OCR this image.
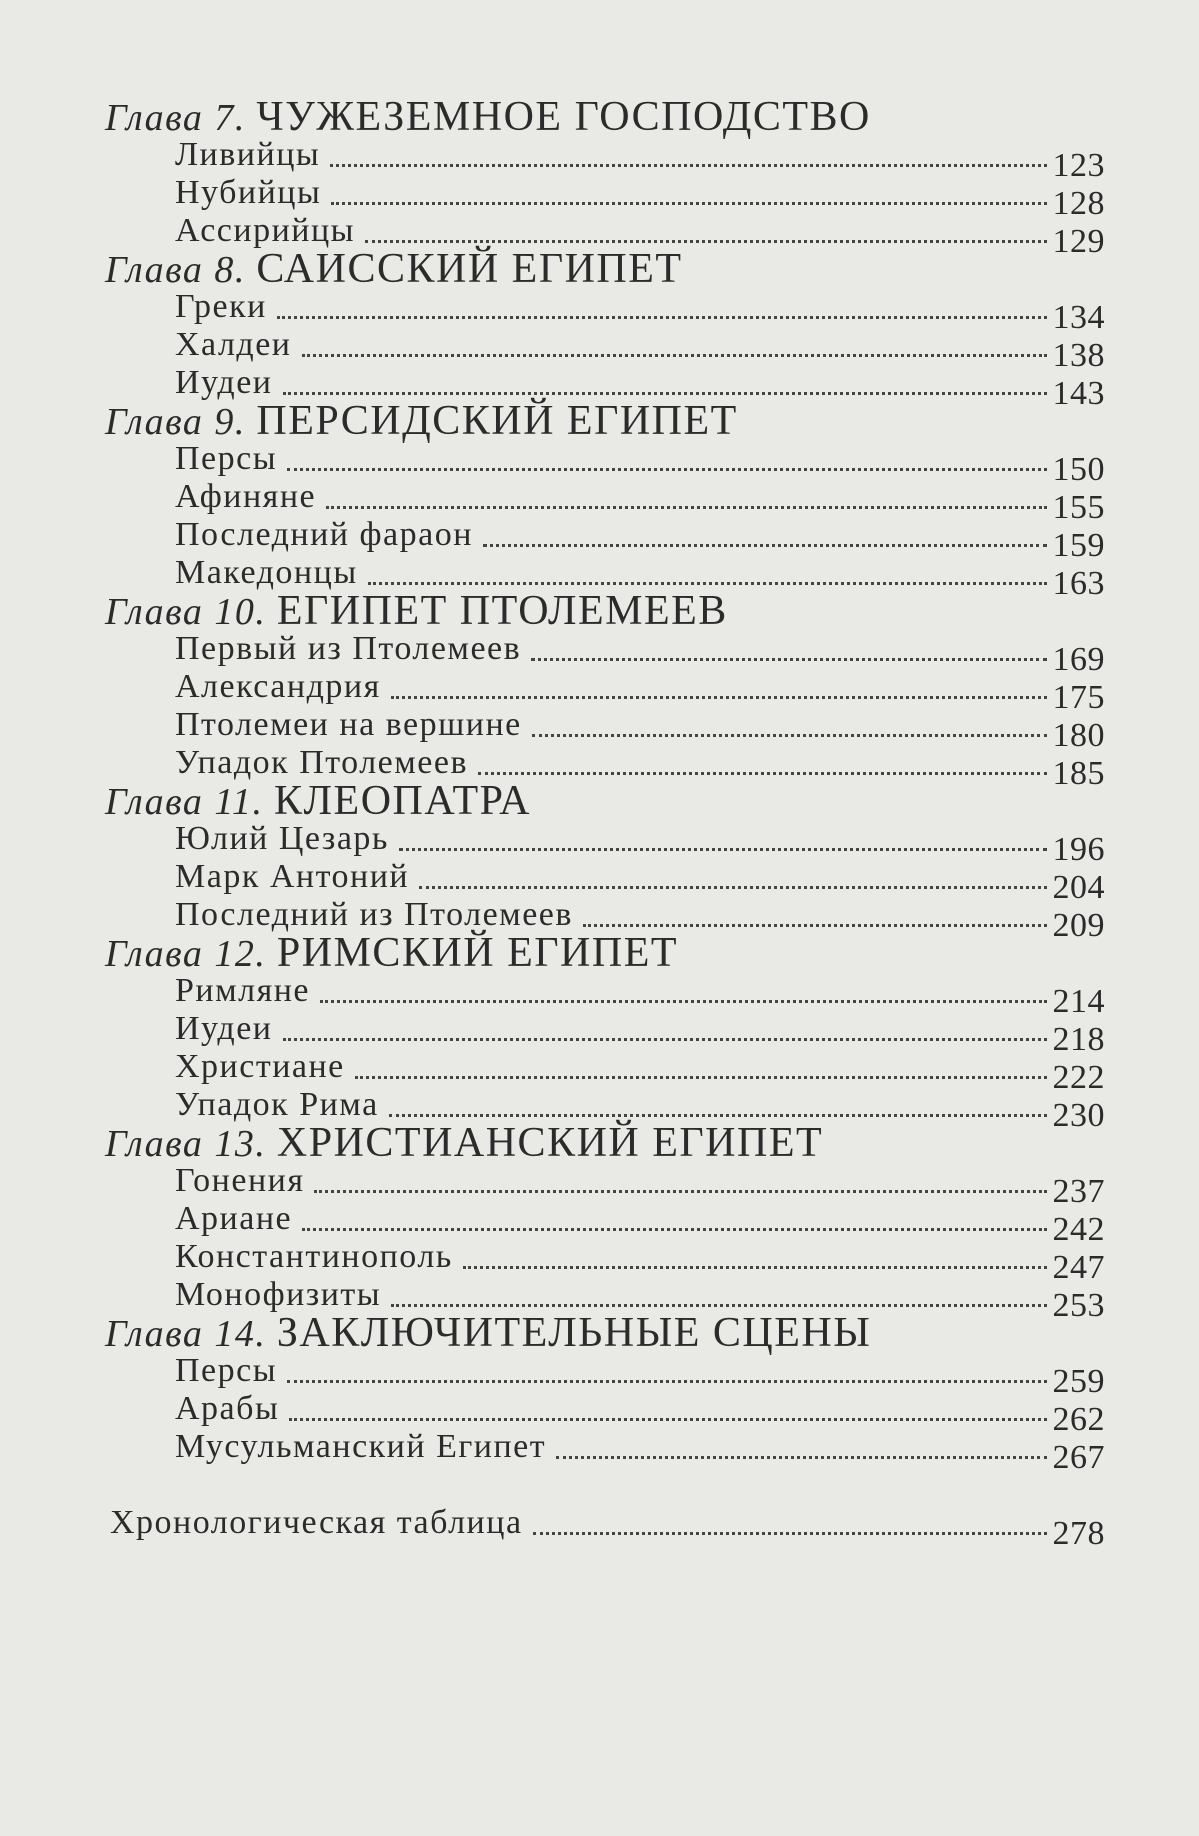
Глава 7. ЧУЖЕЗЕМНОЕ ГОСПОДСТВО
Ливийцы	123
Нубийцы	128
Ассирийцы	129
Глава 8. САИССКИЙ ЕГИПЕТ
Греки	134
Халдеи	138
Иудеи	143
Глава 9. ПЕРСИДСКИЙ ЕГИПЕТ
Персы	150
Афиняне	155
Последний фараон	159
Македонцы	163
Глава 10. ЕГИПЕТ ПТОЛЕМЕЕВ
Первый из Птолемеев	169
Александрия	175
Птолемеи на вершине	180
Упадок Птолемеев	185
Глава 11. КЛЕОПАТРА
Юлий Цезарь	196
Марк Антоний	204
Последний из Птолемеев	209
Глава 12. РИМСКИЙ ЕГИПЕТ
Римляне	214
Иудеи	218
Христиане	222
Упадок Рима	230
Глава 13. ХРИСТИАНСКИЙ ЕГИПЕТ
Гонения	237
Ариане	242
Константинополь	247
Монофизиты	253
Глава 14. ЗАКЛЮЧИТЕЛЬНЫЕ СЦЕНЫ
Персы	259
Арабы	262
Мусульманский Египет	267
Хронологическая таблица	278
